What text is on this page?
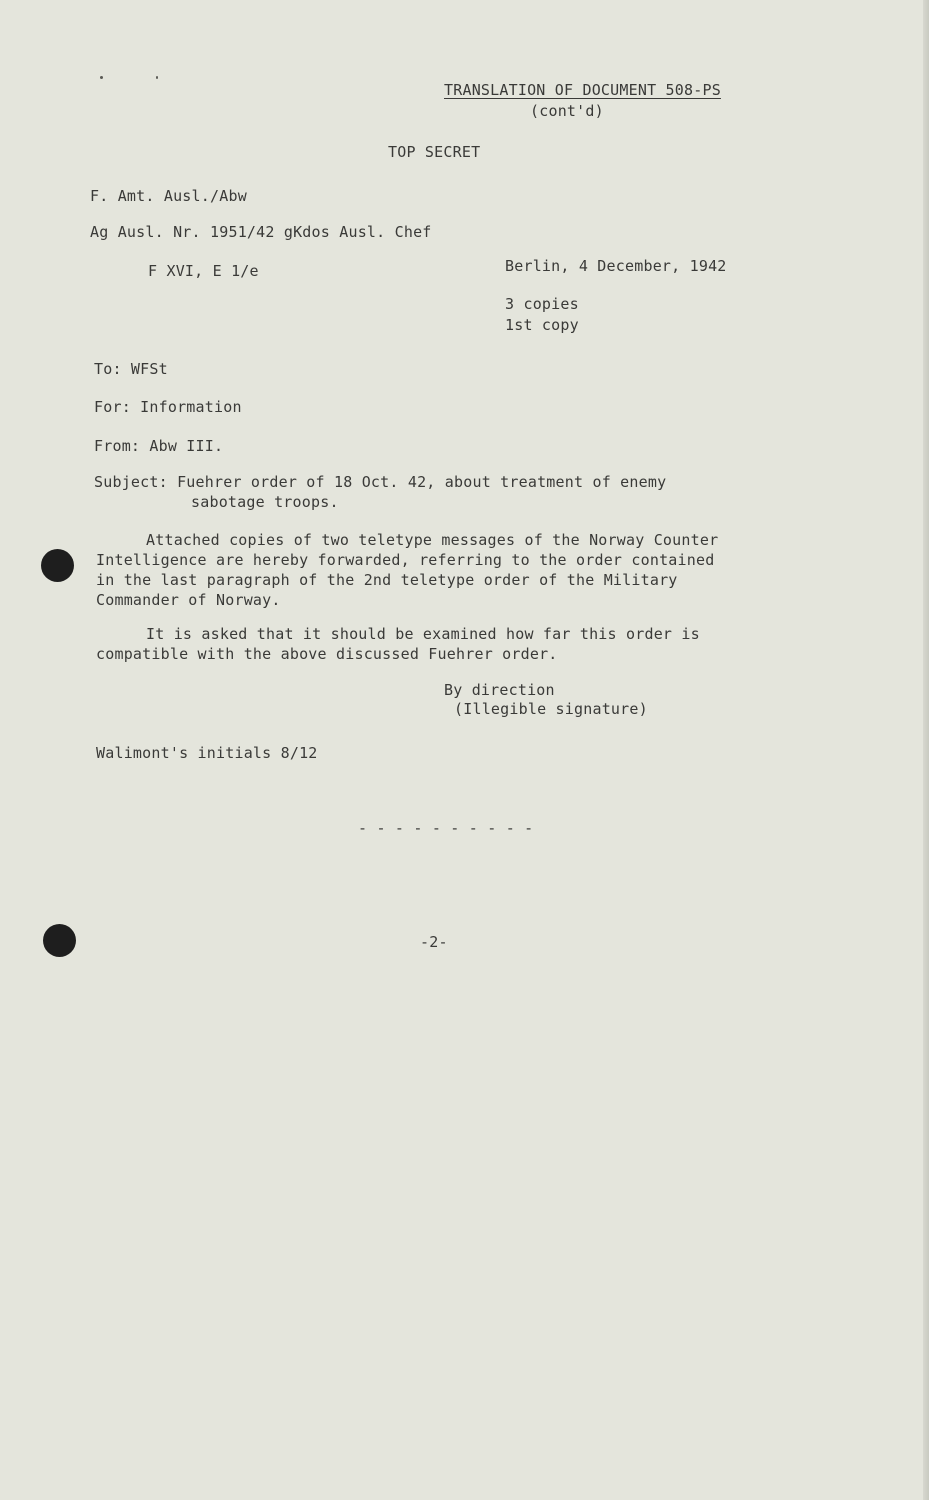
TRANSLATION OF DOCUMENT 508-PS
(cont'd)
TOP SECRET
F. Amt. Ausl./Abw
Ag Ausl. Nr. 1951/42 gKdos Ausl. Chef
F XVI, E 1/e	Berlin, 4 December, 1942
3 copies
1st copy
To: WFSt
For: Information
From: Abw III.
Subject: Fuehrer order of 18 Oct. 42, about treatment of enemy
sabotage troops.
Attached copies of two teletype messages of the Norway Counter
Intelligence are hereby forwarded, referring to the order contained
in the last paragraph of the 2nd teletype order of the Military
Commander of Norway.
It is asked that it should be examined how far this order is
compatible with the above discussed Fuehrer order.
By direction
(Illegible signature)
Walimont's initials 8/12
- - - - - - - - - -
-2-
